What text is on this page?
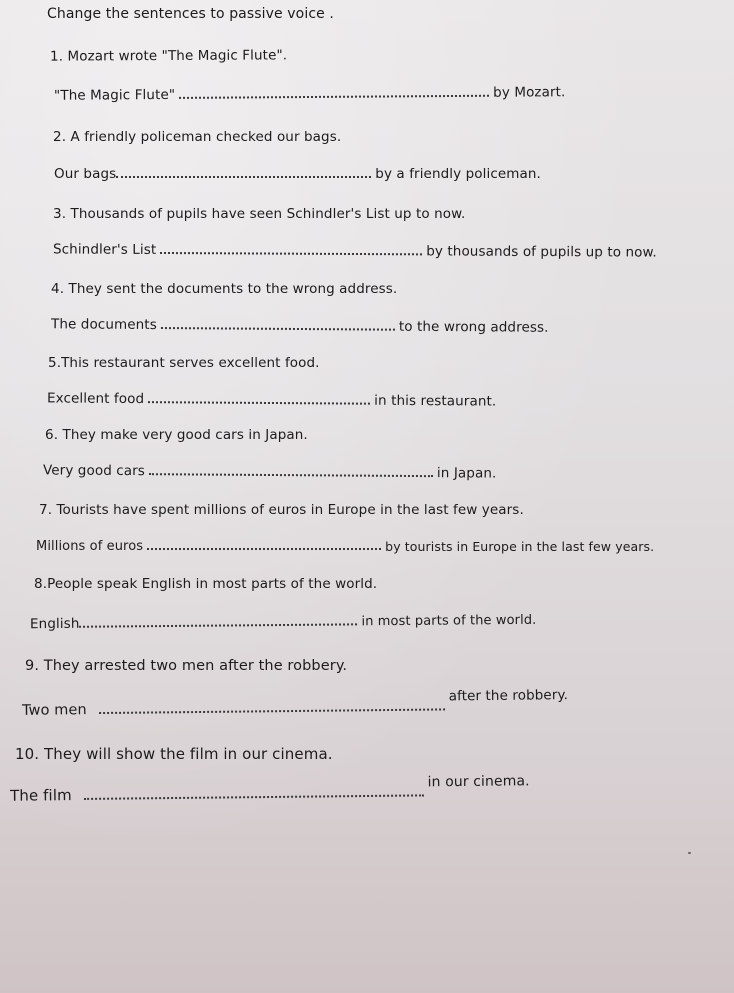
Change the sentences to passive voice .
1. Mozart wrote "The Magic Flute".
"The Magic Flute"	by Mozart.
2. A friendly policeman checked our bags.
Our bags	by a friendly policeman.
3. Thousands of pupils have seen Schindler's List up to now.
Schindler's List	by thousands of pupils up to now.
4. They sent the documents to the wrong address.
The documents	to the wrong address.
5.This restaurant serves excellent food.
Excellent food	in this restaurant.
6. They make very good cars in Japan.
Very good cars	in Japan.
7. Tourists have spent millions of euros in Europe in the last few years.
Millions of euros	by tourists in Europe in the last few years.
8.People speak English in most parts of the world.
English	in most parts of the world.
9. They arrested two men after the robbery.
Two men
after the robbery.
10. They will show the film in our cinema.
The film
in our cinema.
